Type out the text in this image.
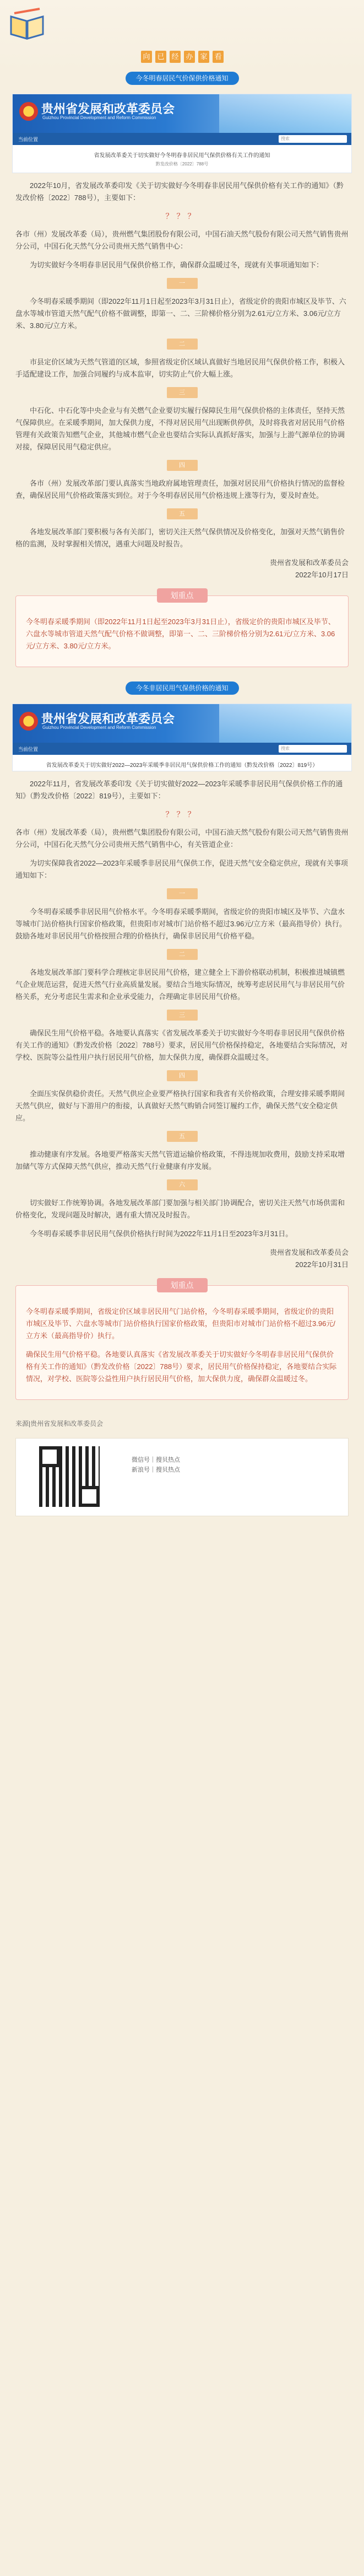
向 已 经 办 家 看
今冬明春居民气价保供价格通知
贵州省发展和改革委员会
Guizhou Provincial Development and Reform Commission
当前位置	搜索
省发展改革委关于切实做好今冬明春非居民用气保供价格有关工作的通知
黔发改价格〔2022〕788号

2022年10月，省发展改革委印发《关于切实做好今冬明春非居民用气保供价格有关工作的通知》（黔发改价格〔2022〕788号），主要如下：

？？？

各市（州）发展改革委（局），贵州燃气集团股份有限公司，中国石油天然气股份有限公司天然气销售贵州分公司，中国石化天然气分公司贵州天然气销售中心：

为切实做好今冬明春非居民用气保供价格工作，确保群众温暖过冬，现就有关事项通知如下：

一

今冬明春采暖季期间（即2022年11月1日起至2023年3月31日止），省级定价的贵阳市城区及毕节、六盘水等城市管道天然气配气价格不做调整，即第一、二、三阶梯价格分别为2.61元/立方米、3.06元/立方米、3.80元/立方米。

二

市县定价区域为天然气管道的区域，参照省级定价区域认真做好当地居民用气保供价格工作，积极入手适配建设工作，加强合同履约与成本监审，切实防止气价大幅上涨。

三

中石化、中石化等中央企业与有关燃气企业要切实履行保障民生用气保供价格的主体责任，坚持天然气保障供应。在采暖季期间，加大保供力度，不得对居民用气出现断供停供，及时将我省对居民用气价格管理有关政策告知燃气企业，其他城市燃气企业也要结合实际认真抓好落实，加强与上游气源单位的协调对接，保障居民用气稳定供应。

四

各市（州）发展改革部门要认真落实当地政府属地管理责任，加强对居民用气价格执行情况的监督检查，确保居民用气价格政策落实到位。对于今冬明春居民用气价格违规上涨等行为，要及时查处。

五

各地发展改革部门要积极与各有关部门，密切关注天然气保供情况及价格变化，加强对天然气销售价格的监测，及时掌握相关情况，遇重大问题及时报告。

贵州省发展和改革委员会
2022年10月17日
划重点

今冬明春采暖季期间（即2022年11月1日起至2023年3月31日止），省级定价的贵阳市城区及毕节、六盘水等城市管道天然气配气价格不做调整，即第一、二、三阶梯价格分别为2.61元/立方米、3.06元/立方米、3.80元/立方米。

今冬非居民用气保供价格的通知
贵州省发展和改革委员会
Guizhou Provincial Development and Reform Commission
当前位置	搜索
省发展改革委关于切实做好2022—2023年采暖季非居民用气保供价格工作的通知（黔发改价格〔2022〕819号）

2022年11月，省发展改革委印发《关于切实做好2022—2023年采暖季非居民用气保供价格工作的通知》（黔发改价格〔2022〕819号），主要如下：

？？？

各市（州）发展改革委（局），贵州燃气集团股份有限公司，中国石油天然气股份有限公司天然气销售贵州分公司，中国石化天然气分公司贵州天然气销售中心，有关管道企业：

为切实保障我省2022—2023年采暖季非居民用气保供工作，促进天然气安全稳定供应，现就有关事项通知如下：

一

今冬明春采暖季非居民用气价格水平。今冬明春采暖季期间，省级定价的贵阳市城区及毕节、六盘水等城市门站价格执行国家价格政策，但贵阳市对城市门站价格不超过3.96元/立方米（最高指导价）执行。鼓励各地对非居民用气价格按照合理的价格执行，确保非居民用气价格平稳。

二

各地发展改革部门要科学合理核定非居民用气价格，建立健全上下游价格联动机制，积极推进城镇燃气企业规范运营，促进天然气行业高质量发展。要结合当地实际情况，统筹考虑居民用气与非居民用气价格关系，充分考虑民生需求和企业承受能力，合理确定非居民用气价格。

三

确保民生用气价格平稳。各地要认真落实《省发展改革委关于切实做好今冬明春非居民用气保供价格有关工作的通知》（黔发改价格〔2022〕788号）要求，居民用气价格保持稳定，各地要结合实际情况，对学校、医院等公益性用户执行居民用气价格，加大保供力度，确保群众温暖过冬。

四

全面压实保供稳价责任。天然气供应企业要严格执行国家和我省有关价格政策，合理安排采暖季期间天然气供应，做好与下游用户的衔接，认真做好天然气购销合同签订履约工作，确保天然气安全稳定供应。

五

推动健康有序发展。各地要严格落实天然气管道运输价格政策，不得违规加收费用，鼓励支持采取增加储气等方式保障天然气供应，推动天然气行业健康有序发展。

六

切实做好工作统筹协调。各地发展改革部门要加强与相关部门协调配合，密切关注天然气市场供需和价格变化，发现问题及时解决，遇有重大情况及时报告。

今冬明春采暖季非居民用气保供价格执行时间为2022年11月1日至2023年3月31日。

贵州省发展和改革委员会
2022年10月31日
划重点

今冬明春采暖季期间，省级定价区域非居民用气门站价格，今冬明春采暖季期间，省级定价的贵阳市城区及毕节、六盘水等城市门站价格执行国家价格政策，但贵阳市对城市门站价格不超过3.96元/立方米（最高指导价）执行。

确保民生用气价格平稳。各地要认真落实《省发展改革委关于切实做好今冬明春非居民用气保供价格有关工作的通知》（黔发改价格〔2022〕788号）要求，居民用气价格保持稳定，各地要结合实际情况，对学校、医院等公益性用户执行居民用气价格，加大保供力度，确保群众温暖过冬。

来源|贵州省发展和改革委员会
微信号｜搜贝热点
新浪号｜搜贝热点
